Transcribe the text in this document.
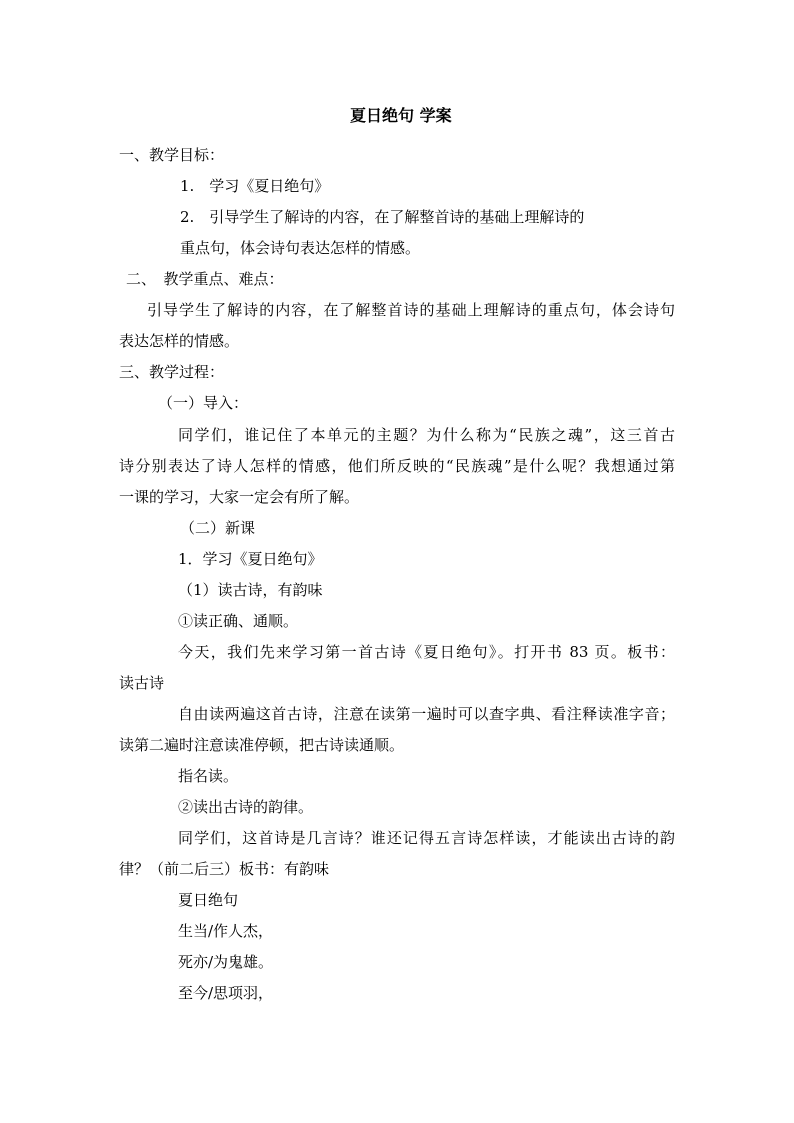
夏日绝句 学案
一、教学目标：
1.　学习《夏日绝句》
2.　引导学生了解诗的内容，在了解整首诗的基础上理解诗的
重点句，体会诗句表达怎样的情感。
二、　教学重点、难点：
引导学生了解诗的内容，在了解整首诗的基础上理解诗的重点句，体会诗句
表达怎样的情感。
三、教学过程：
（一）导入：
同学们，谁记住了本单元的主题？为什么称为“民族之魂”，这三首古
诗分别表达了诗人怎样的情感，他们所反映的“民族魂”是什么呢？我想通过第
一课的学习，大家一定会有所了解。
（二）新课
1．学习《夏日绝句》
（1）读古诗，有韵味
①读正确、通顺。
今天，我们先来学习第一首古诗《夏日绝句》。打开书 83 页。板书：
读古诗
自由读两遍这首古诗，注意在读第一遍时可以查字典、看注释读准字音；
读第二遍时注意读准停顿，把古诗读通顺。
指名读。
②读出古诗的韵律。
同学们，这首诗是几言诗？谁还记得五言诗怎样读，才能读出古诗的韵
律？（前二后三）板书：有韵味
夏日绝句
生当/作人杰，
死亦/为鬼雄。
至今/思项羽，
